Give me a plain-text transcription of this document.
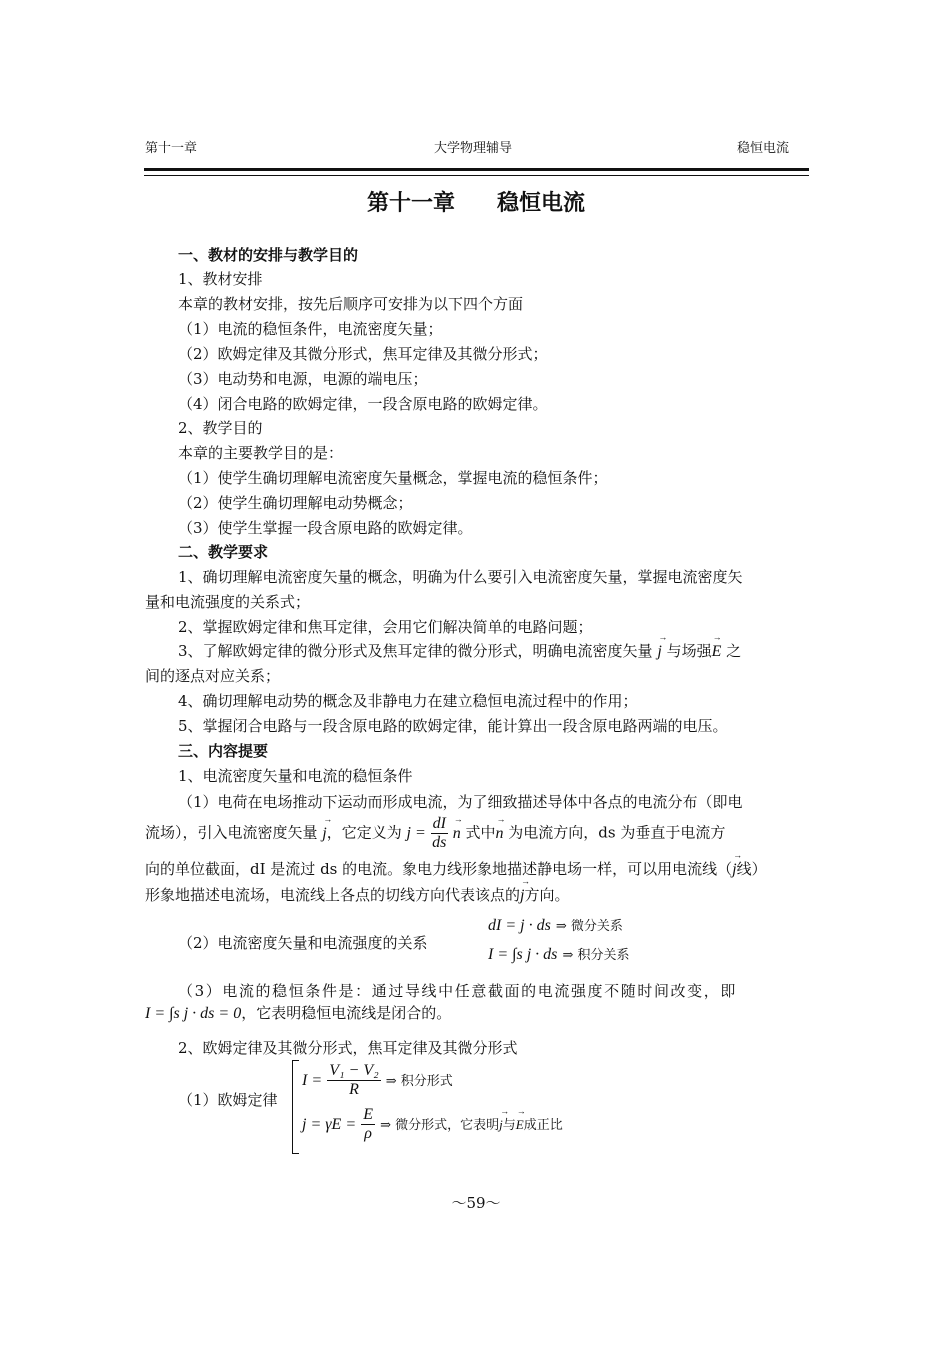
第十一章	大学物理辅导	稳恒电流
第十一章 稳恒电流
一、教材的安排与教学目的
1、教材安排
本章的教材安排，按先后顺序可安排为以下四个方面
（1）电流的稳恒条件，电流密度矢量；
（2）欧姆定律及其微分形式，焦耳定律及其微分形式；
（3）电动势和电源，电源的端电压；
（4）闭合电路的欧姆定律，一段含原电路的欧姆定律。
2、教学目的
本章的主要教学目的是：
（1）使学生确切理解电流密度矢量概念，掌握电流的稳恒条件；
（2）使学生确切理解电动势概念；
（3）使学生掌握一段含原电路的欧姆定律。
二、教学要求
1、确切理解电流密度矢量的概念，明确为什么要引入电流密度矢量，掌握电流密度矢
量和电流强度的关系式；
2、掌握欧姆定律和焦耳定律，会用它们解决简单的电路问题；
3、了解欧姆定律的微分形式及焦耳定律的微分形式，明确电流密度矢量 → j 与场强→ E 之
间的逐点对应关系；
4、确切理解电动势的概念及非静电力在建立稳恒电流过程中的作用；
5、掌握闭合电路与一段含原电路的欧姆定律，能计算出一段含原电路两端的电压。
三、内容提要
1、电流密度矢量和电流的稳恒条件
（1）电荷在电场推动下运动而形成电流，为了细致描述导体中各点的电流分布（即电
流场），引入电流密度矢量 → j，它定义为 $j = \frac{dI}{ds}$
→ n 式中→ n 为电流方向，ds 为垂直于电流方
向的单位截面，dI 是流过 ds 的电流。象电力线形象地描述静电场一样，可以用电流线（→ j线）
形象地描述电流场，电流线上各点的切线方向代表该点的→ j方向。
（2）电流密度矢量和电流强度的关系
dI = j · ds ⇒ 微分关系
I = ∫s j · ds ⇒ 积分关系
（3）电流的稳恒条件是：通过导线中任意截面的电流强度不随时间改变，即
I = ∫s j · ds = 0，它表明稳恒电流线是闭合的。
2、欧姆定律及其微分形式，焦耳定律及其微分形式
（1）欧姆定律
$I = \frac{\text{V₁ − V₂}}{R}$ ⇒ 积分形式
$j = \gamma E = \frac{E}{\rho}$ ⇒ 微分形式，它表明→ j与→ E成正比
～59～
